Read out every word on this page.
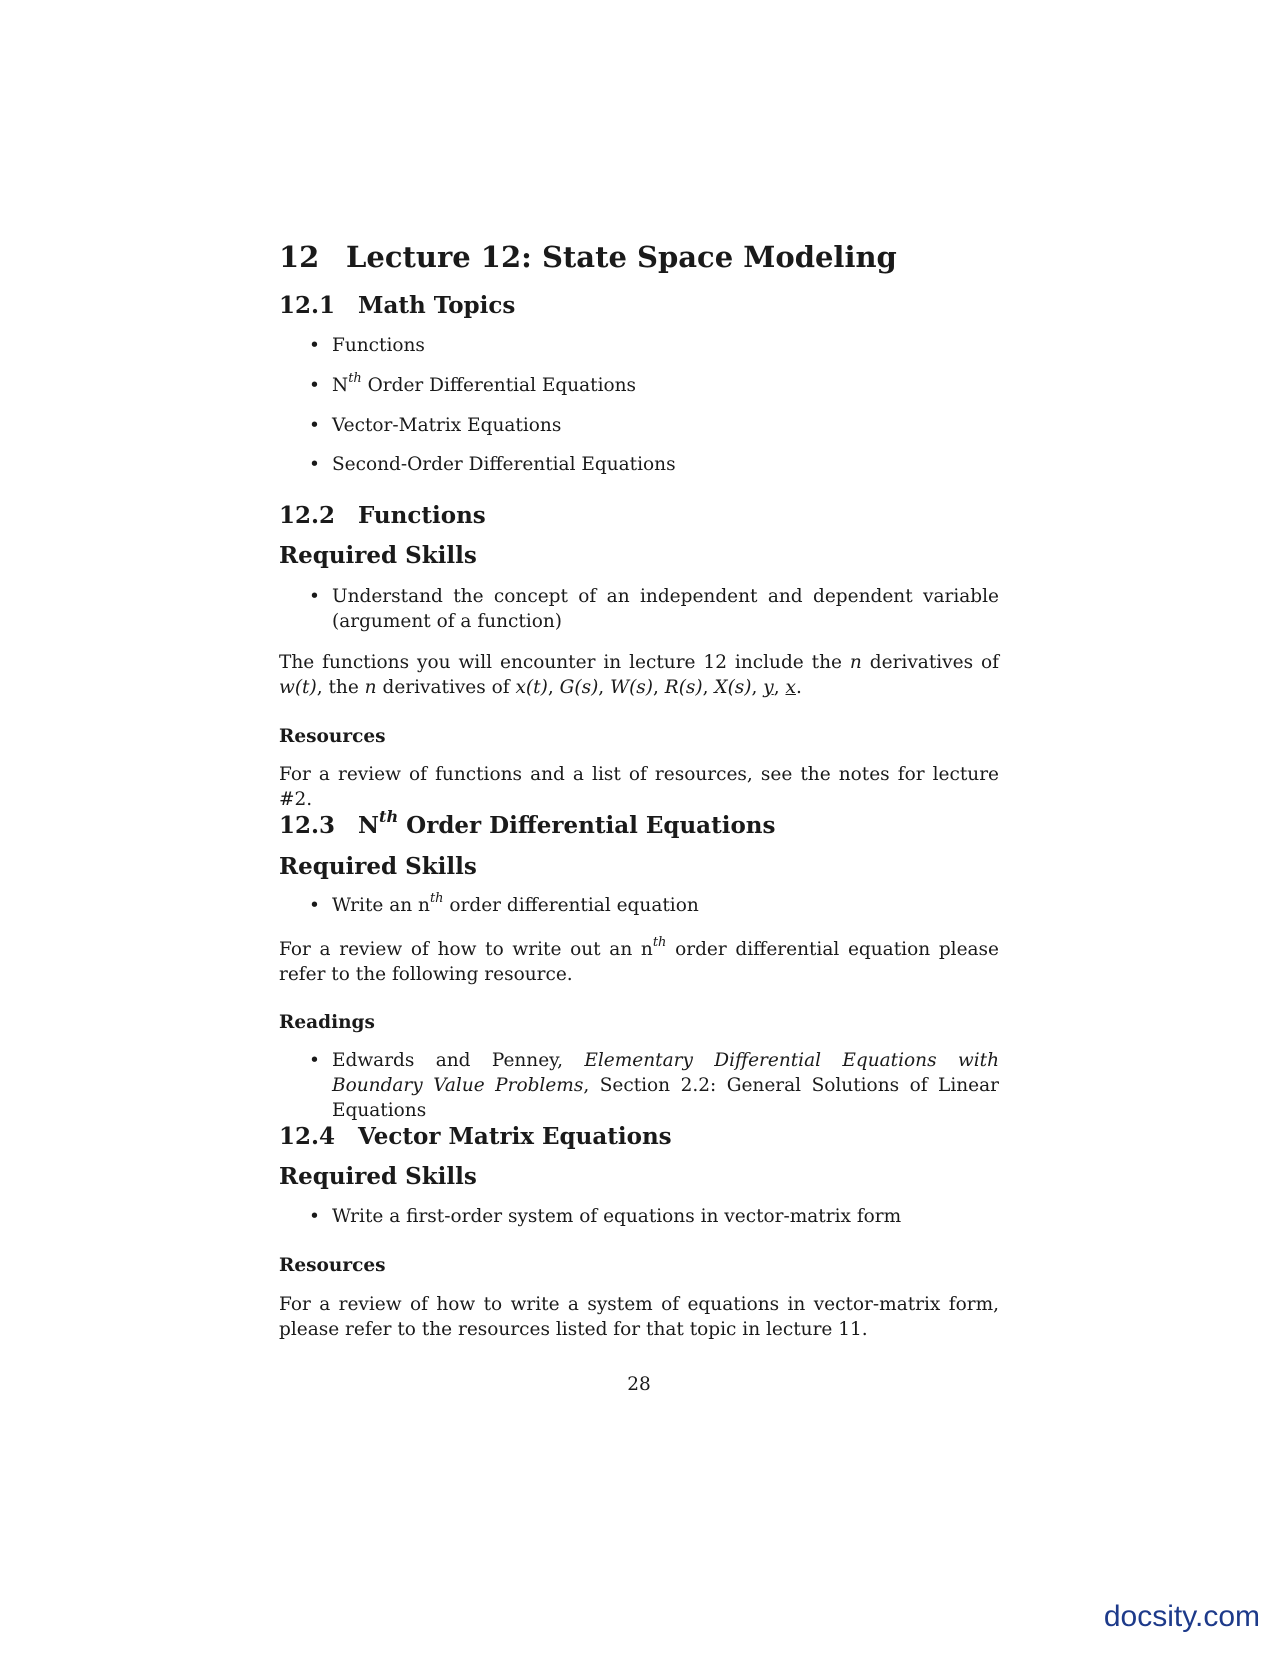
12 Lecture 12: State Space Modeling
12.1 Math Topics
• Functions
• $N^{th}$ Order Differential Equations
• Vector-Matrix Equations
• Second-Order Differential Equations
12.2 Functions
Required Skills
• Understand the concept of an independent and dependent variable (argument of a function)
The functions you will encounter in lecture 12 include the n derivatives of w(t), the n derivatives of x(t), G(s), W(s), R(s), X(s), y, x.
Resources
For a review of functions and a list of resources, see the notes for lecture #2.
12.3 $N^{th}$ Order Differential Equations
Required Skills
• Write an $n^{th}$ order differential equation
For a review of how to write out an $n^{th}$ order differential equation please refer to the following resource.
Readings
• Edwards and Penney, Elementary Differential Equations with Boundary Value Problems, Section 2.2: General Solutions of Linear Equations
12.4 Vector Matrix Equations
Required Skills
• Write a first-order system of equations in vector-matrix form
Resources
For a review of how to write a system of equations in vector-matrix form, please refer to the resources listed for that topic in lecture 11.
28
docsity.com
